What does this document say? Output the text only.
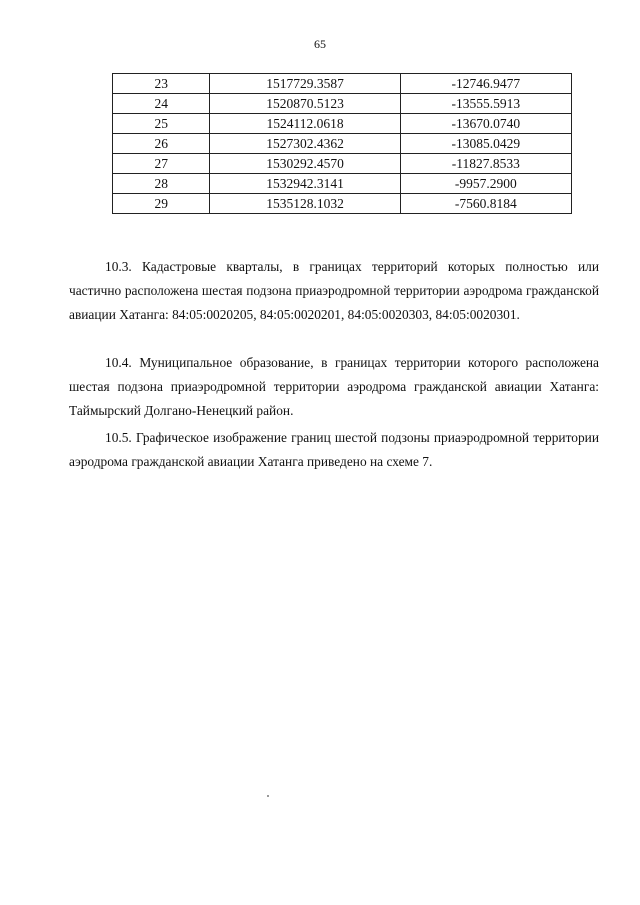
65
23	1517729.3587	-12746.9477
24	1520870.5123	-13555.5913
25	1524112.0618	-13670.0740
26	1527302.4362	-13085.0429
27	1530292.4570	-11827.8533
28	1532942.3141	-9957.2900
29	1535128.1032	-7560.8184

10.3. Кадастровые кварталы, в границах территорий которых полностью или частично расположена шестая подзона приаэродромной территории аэродрома гражданской авиации Хатанга: 84:05:0020205, 84:05:0020201, 84:05:0020303, 84:05:0020301.

10.4. Муниципальное образование, в границах территории которого расположена шестая подзона приаэродромной территории аэродрома гражданской авиации Хатанга: Таймырский Долгано-Ненецкий район.

10.5. Графическое изображение границ шестой подзоны приаэродромной территории аэродрома гражданской авиации Хатанга приведено на схеме 7.
